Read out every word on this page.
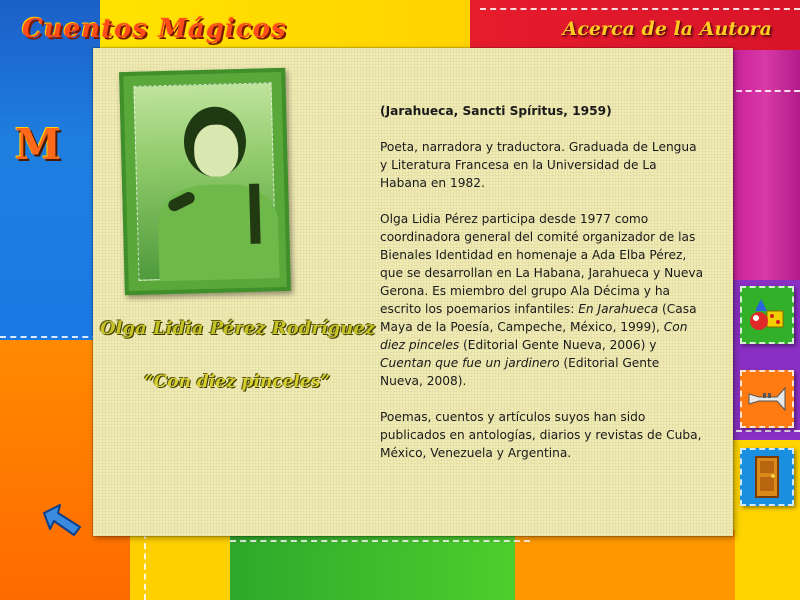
Cuentos Mágicos	Acerca de la Autora
M
Olga Lidia Pérez Rodríguez
“Con diez pinceles”

(Jarahueca, Sancti Spíritus, 1959)

Poeta, narradora y traductora. Graduada de Lengua y Literatura Francesa en la Universidad de La Habana en 1982.

Olga Lidia Pérez participa desde 1977 como coordinadora general del comité organizador de las Bienales Identidad en homenaje a Ada Elba Pérez, que se desarrollan en La Habana, Jarahueca y Nueva Gerona. Es miembro del grupo Ala Décima y ha escrito los poemarios infantiles: En Jarahueca (Casa Maya de la Poesía, Campeche, México, 1999), Con diez pinceles (Editorial Gente Nueva, 2006) y Cuentan que fue un jardinero (Editorial Gente Nueva, 2008).

Poemas, cuentos y artículos suyos han sido publicados en antologías, diarios y revistas de Cuba, México, Venezuela y Argentina.
